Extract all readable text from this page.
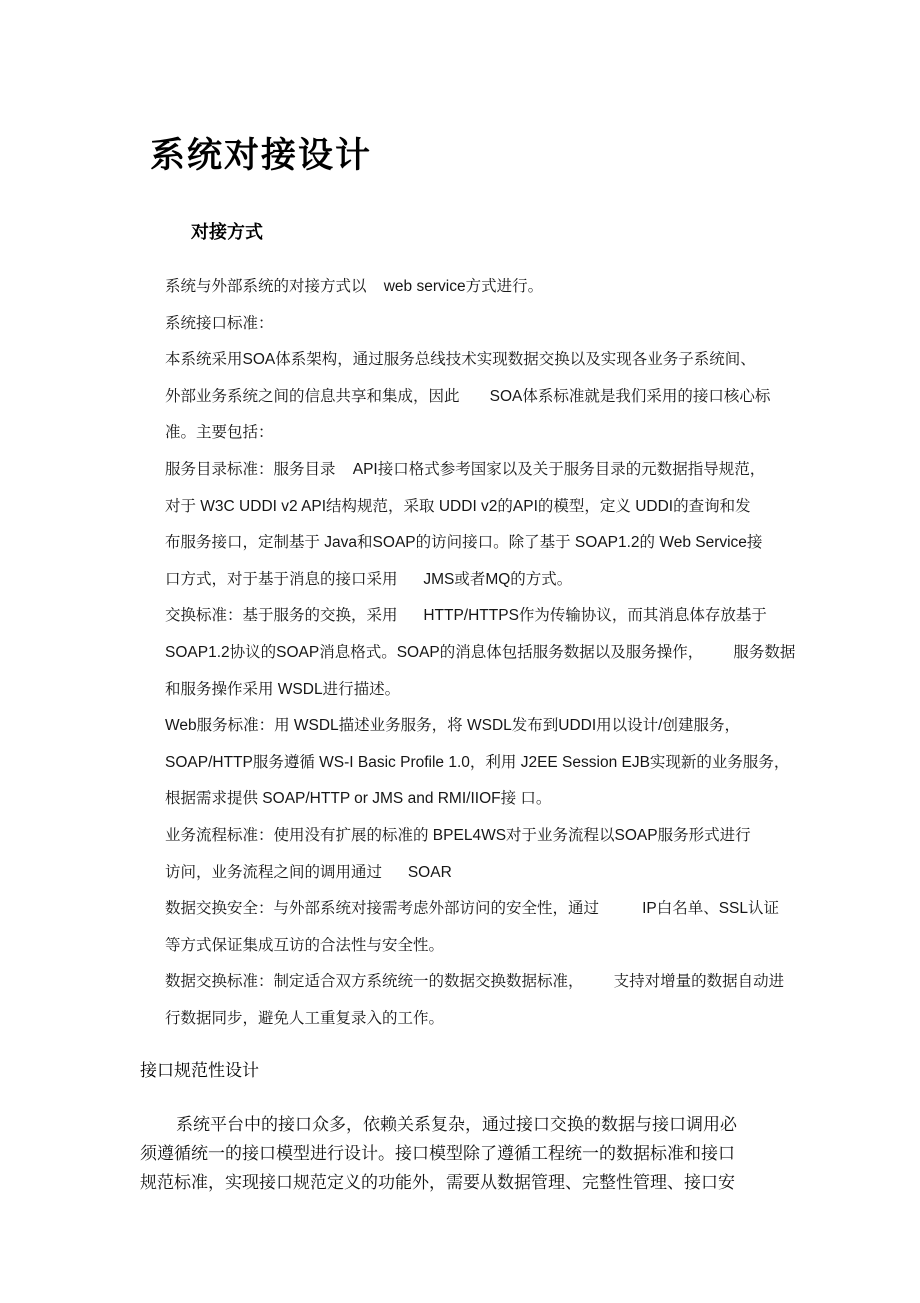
系统对接设计
对接方式
系统与外部系统的对接方式以    web service方式进行。
系统接口标准：
本系统采用SOA体系架构，通过服务总线技术实现数据交换以及实现各业务子系统间、
外部业务系统之间的信息共享和集成，因此       SOA体系标准就是我们采用的接口核心标
准。主要包括：
服务目录标准：服务目录    API接口格式参考国家以及关于服务目录的元数据指导规范，
对于 W3C UDDI v2 API结构规范，采取 UDDI v2的API的模型，定义 UDDI的查询和发
布服务接口，定制基于 Java和SOAP的访问接口。除了基于 SOAP1.2的 Web Service接
口方式，对于基于消息的接口采用      JMS或者MQ的方式。
交换标准：基于服务的交换，采用      HTTP/HTTPS作为传输协议，而其消息体存放基于
SOAP1.2协议的SOAP消息格式。SOAP的消息体包括服务数据以及服务操作，       服务数据
和服务操作采用 WSDL进行描述。
Web服务标准：用 WSDL描述业务服务，将 WSDL发布到UDDI用以设计/创建服务，
SOAP/HTTP服务遵循 WS-I Basic Profile 1.0，利用 J2EE Session EJB实现新的业务服务，
根据需求提供 SOAP/HTTP or JMS and RMI/IIOF接 口。
业务流程标准：使用没有扩展的标准的 BPEL4WS对于业务流程以SOAP服务形式进行
访问，业务流程之间的调用通过      SOAR
数据交换安全：与外部系统对接需考虑外部访问的安全性，通过          IP白名单、SSL认证
等方式保证集成互访的合法性与安全性。
数据交换标准：制定适合双方系统统一的数据交换数据标准，       支持对增量的数据自动进
行数据同步，避免人工重复录入的工作。
接口规范性设计
系统平台中的接口众多，依赖关系复杂，通过接口交换的数据与接口调用必
须遵循统一的接口模型进行设计。接口模型除了遵循工程统一的数据标准和接口
规范标准，实现接口规范定义的功能外，需要从数据管理、完整性管理、接口安
